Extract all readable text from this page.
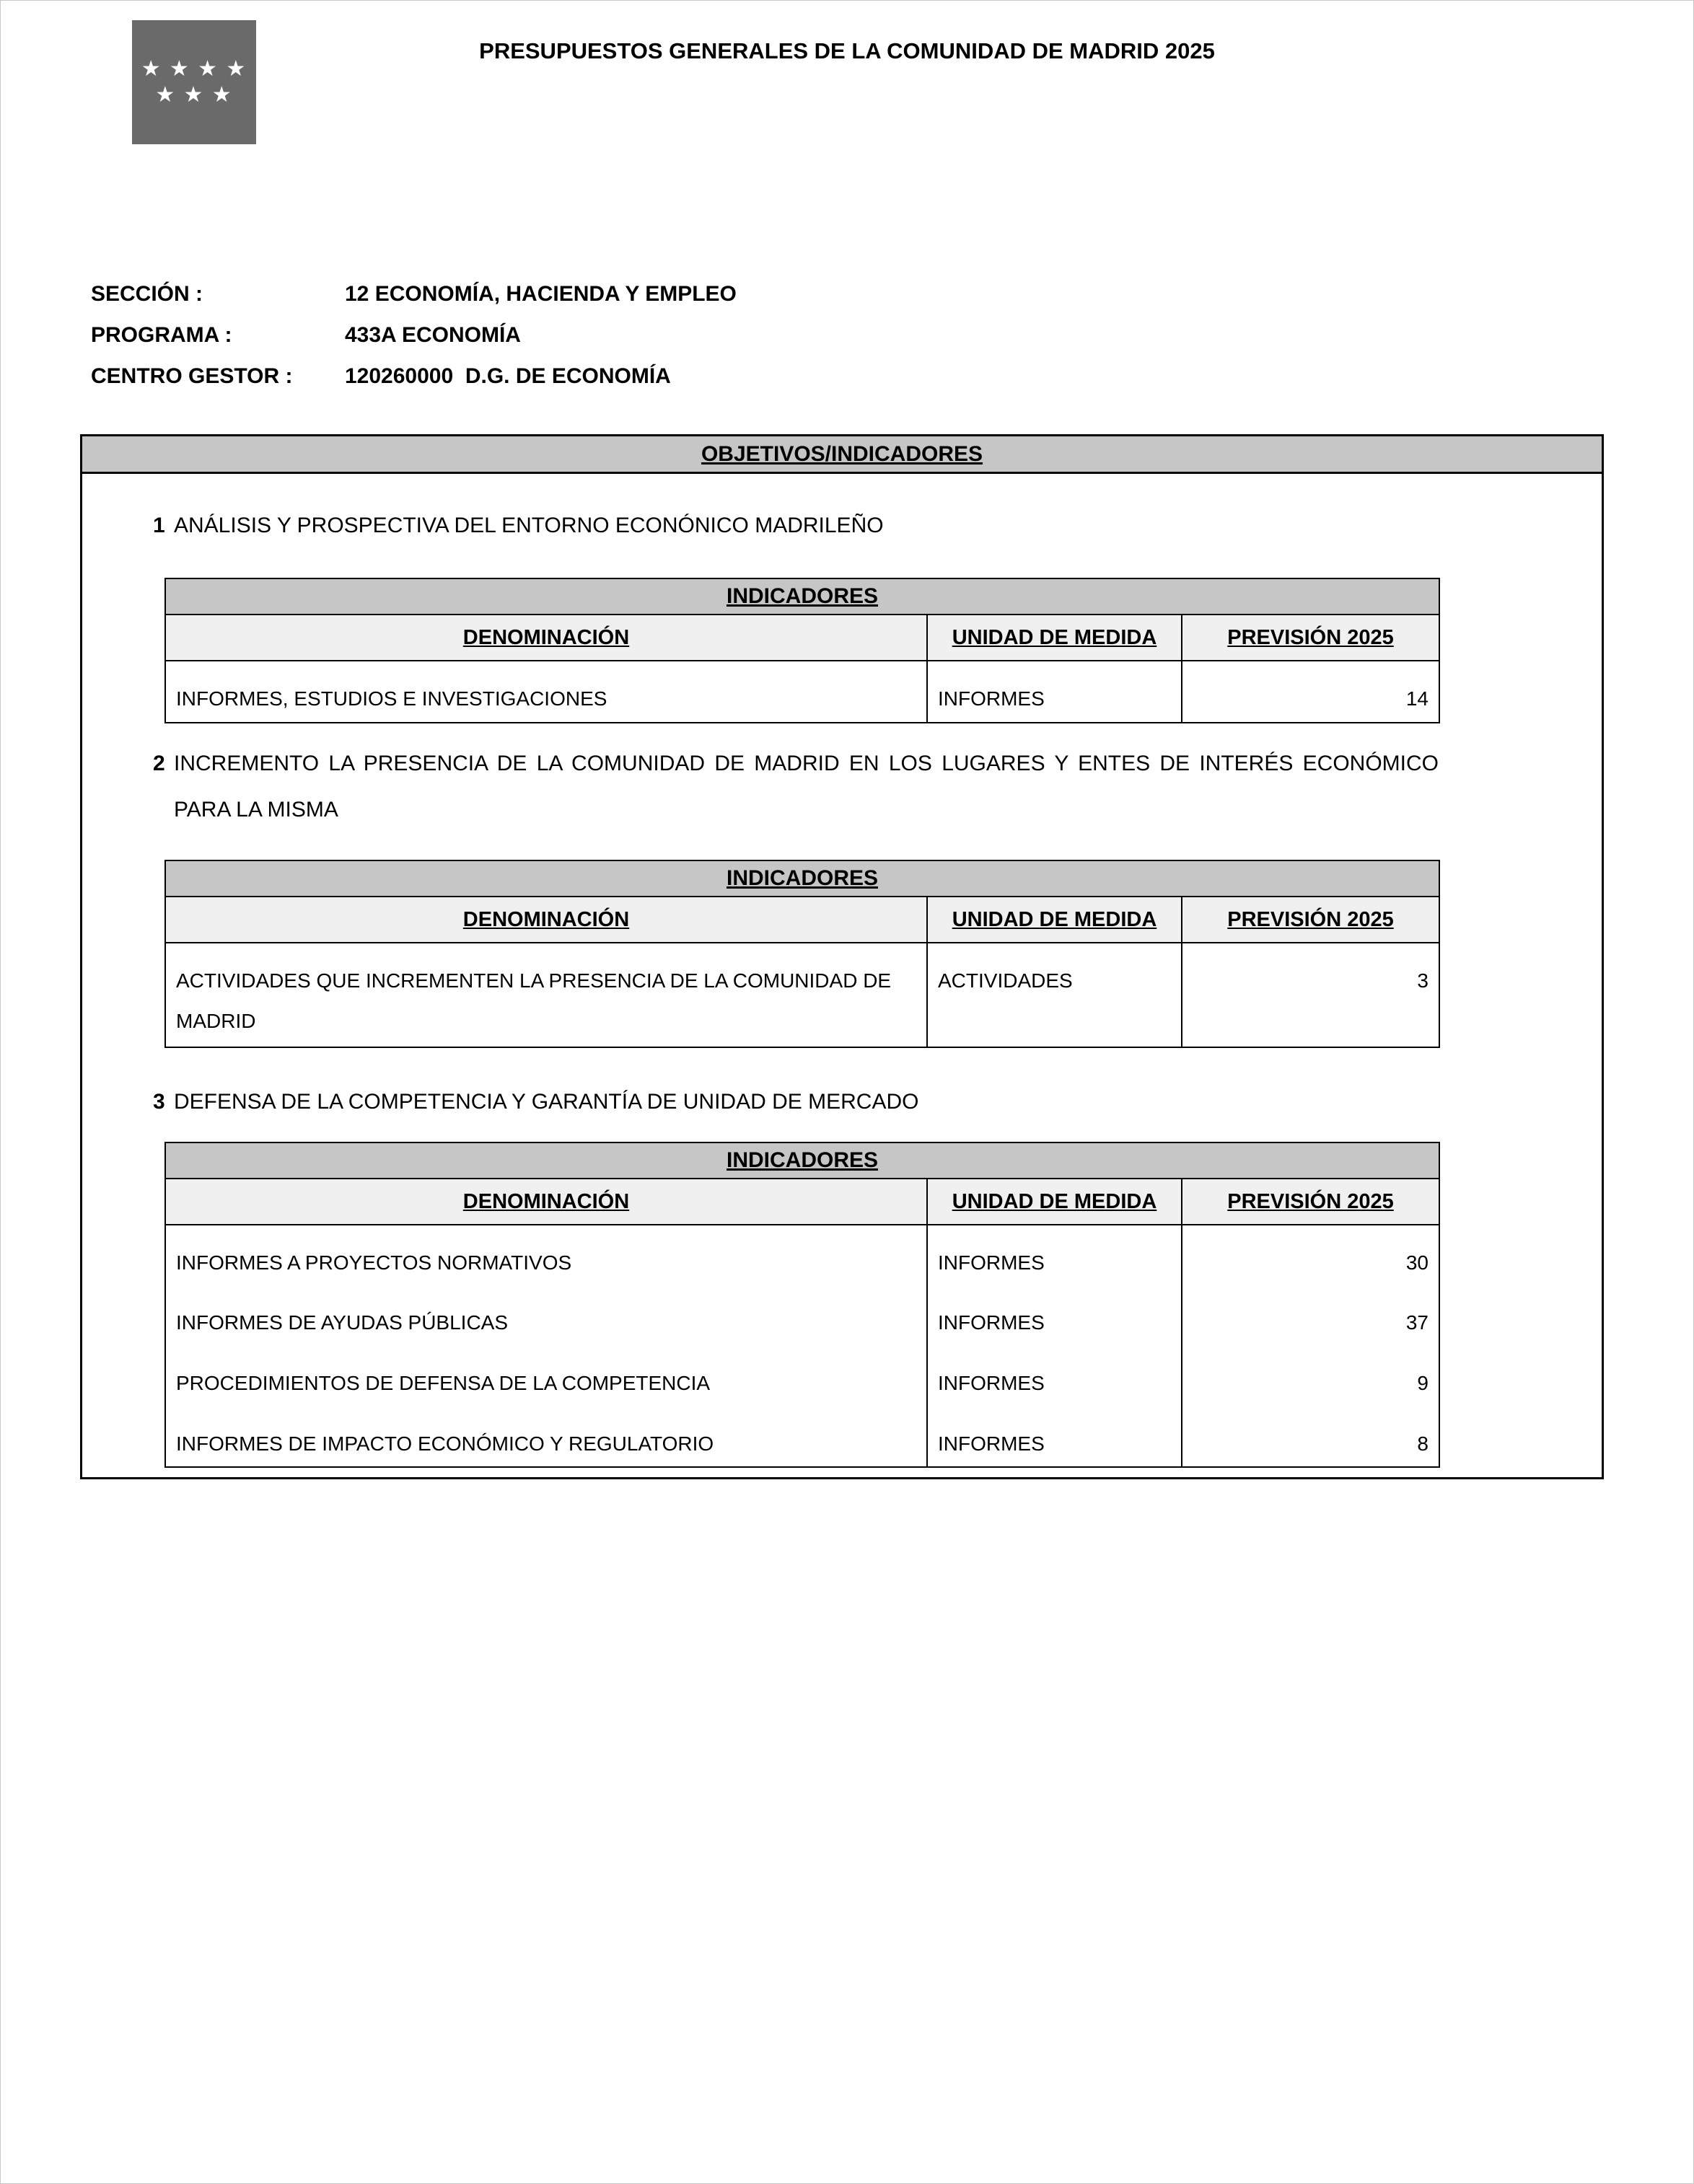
★ ★ ★ ★
★ ★ ★
PRESUPUESTOS GENERALES DE LA COMUNIDAD DE MADRID 2025
SECCIÓN :	12 ECONOMÍA, HACIENDA Y EMPLEO
PROGRAMA :	433A ECONOMÍA
CENTRO GESTOR :	120260000  D.G. DE ECONOMÍA
OBJETIVOS/INDICADORES
1 ANÁLISIS Y PROSPECTIVA DEL ENTORNO ECONÓNICO MADRILEÑO
INDICADORES		
DENOMINACIÓN	UNIDAD DE MEDIDA	PREVISIÓN 2025
INFORMES, ESTUDIOS E INVESTIGACIONES	INFORMES	14
2 INCREMENTO LA PRESENCIA DE LA COMUNIDAD DE MADRID EN LOS LUGARES Y ENTES DE INTERÉS ECONÓMICO PARA LA MISMA
INDICADORES		
DENOMINACIÓN	UNIDAD DE MEDIDA	PREVISIÓN 2025
ACTIVIDADES QUE INCREMENTEN LA PRESENCIA DE LA COMUNIDAD DE MADRID	ACTIVIDADES	3
3 DEFENSA DE LA COMPETENCIA Y GARANTÍA DE UNIDAD DE MERCADO
INDICADORES		
DENOMINACIÓN	UNIDAD DE MEDIDA	PREVISIÓN 2025
INFORMES A PROYECTOS NORMATIVOS	INFORMES	30
INFORMES DE AYUDAS PÚBLICAS	INFORMES	37
PROCEDIMIENTOS DE DEFENSA DE LA COMPETENCIA	INFORMES	9
INFORMES DE IMPACTO ECONÓMICO Y REGULATORIO	INFORMES	8
